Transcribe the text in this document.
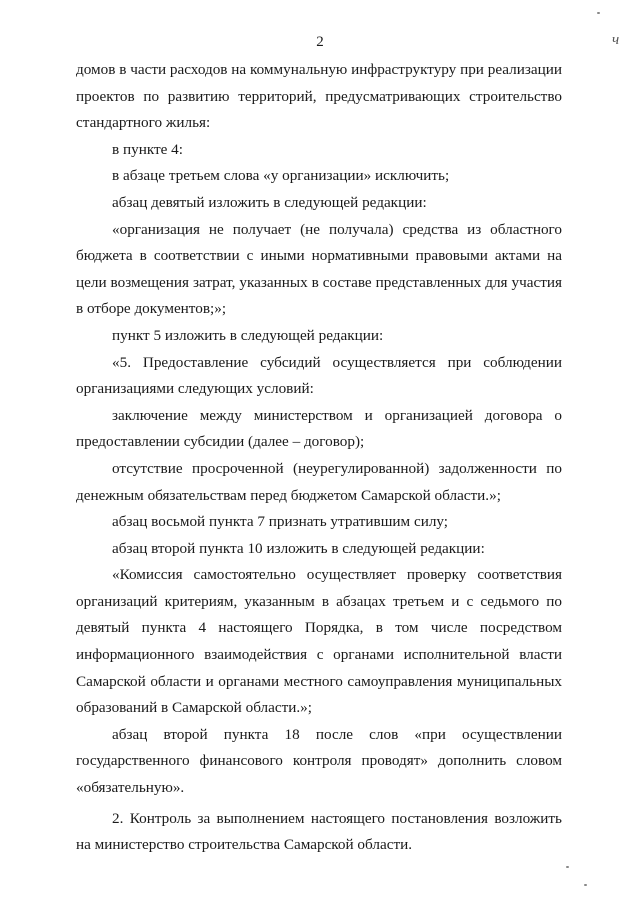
2	ч

домов в части расходов на коммунальную инфраструктуру при реализации проектов по развитию территорий, предусматривающих строительство стандартного жилья:

в пункте 4:

в абзаце третьем слова «у организации» исключить;

абзац девятый изложить в следующей редакции:

«организация не получает (не получала) средства из областного бюджета в соответствии с иными нормативными правовыми актами на цели возмещения затрат, указанных в составе представленных для участия в отборе документов;»;

пункт 5 изложить в следующей редакции:

«5. Предоставление субсидий осуществляется при соблюдении организациями следующих условий:

заключение между министерством и организацией договора о предоставлении субсидии (далее – договор);

отсутствие просроченной (неурегулированной) задолженности по денежным обязательствам перед бюджетом Самарской области.»;

абзац восьмой пункта 7 признать утратившим силу;

абзац второй пункта 10 изложить в следующей редакции:

«Комиссия самостоятельно осуществляет проверку соответствия организаций критериям, указанным в абзацах третьем и с седьмого по девятый пункта 4 настоящего Порядка, в том числе посредством информационного взаимодействия с органами исполнительной власти Самарской области и органами местного самоуправления муниципальных образований в Самарской области.»;

абзац второй пункта 18 после слов «при осуществлении государственного финансового контроля проводят» дополнить словом «обязательную».

2. Контроль за выполнением настоящего постановления возложить на министерство строительства Самарской области.
